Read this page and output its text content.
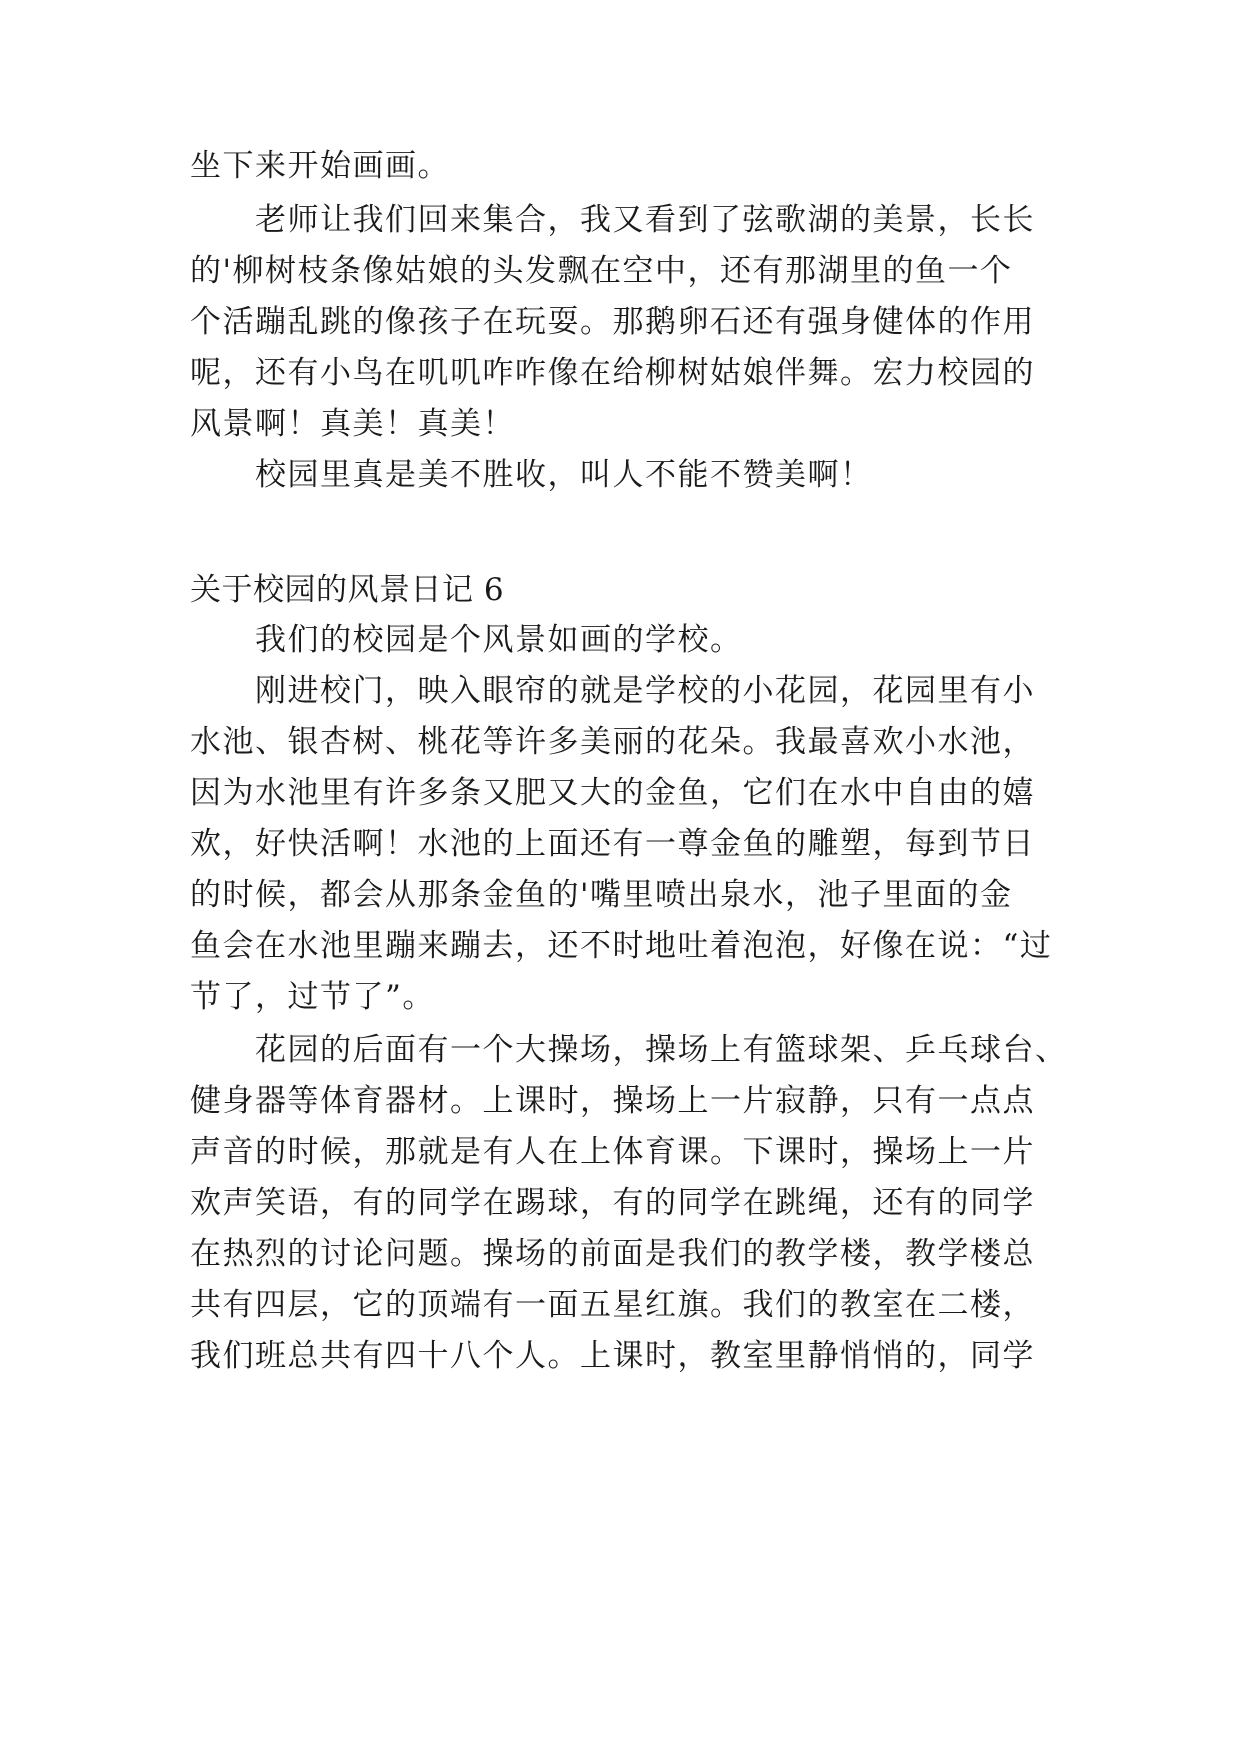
坐下来开始画画。
老师让我们回来集合，我又看到了弦歌湖的美景，长长
的'柳树枝条像姑娘的头发飘在空中，还有那湖里的鱼一个
个活蹦乱跳的像孩子在玩耍。那鹅卵石还有强身健体的作用
呢，还有小鸟在叽叽咋咋像在给柳树姑娘伴舞。宏力校园的
风景啊！真美！真美！
校园里真是美不胜收，叫人不能不赞美啊！
关于校园的风景日记 6
我们的校园是个风景如画的学校。
刚进校门，映入眼帘的就是学校的小花园，花园里有小
水池、银杏树、桃花等许多美丽的花朵。我最喜欢小水池，
因为水池里有许多条又肥又大的金鱼，它们在水中自由的嬉
欢，好快活啊！水池的上面还有一尊金鱼的雕塑，每到节日
的时候，都会从那条金鱼的'嘴里喷出泉水，池子里面的金
鱼会在水池里蹦来蹦去，还不时地吐着泡泡，好像在说：“过
节了，过节了”。
花园的后面有一个大操场，操场上有篮球架、乒乓球台、
健身器等体育器材。上课时，操场上一片寂静，只有一点点
声音的时候，那就是有人在上体育课。下课时，操场上一片
欢声笑语，有的同学在踢球，有的同学在跳绳，还有的同学
在热烈的讨论问题。操场的前面是我们的教学楼，教学楼总
共有四层，它的顶端有一面五星红旗。我们的教室在二楼，
我们班总共有四十八个人。上课时，教室里静悄悄的，同学
